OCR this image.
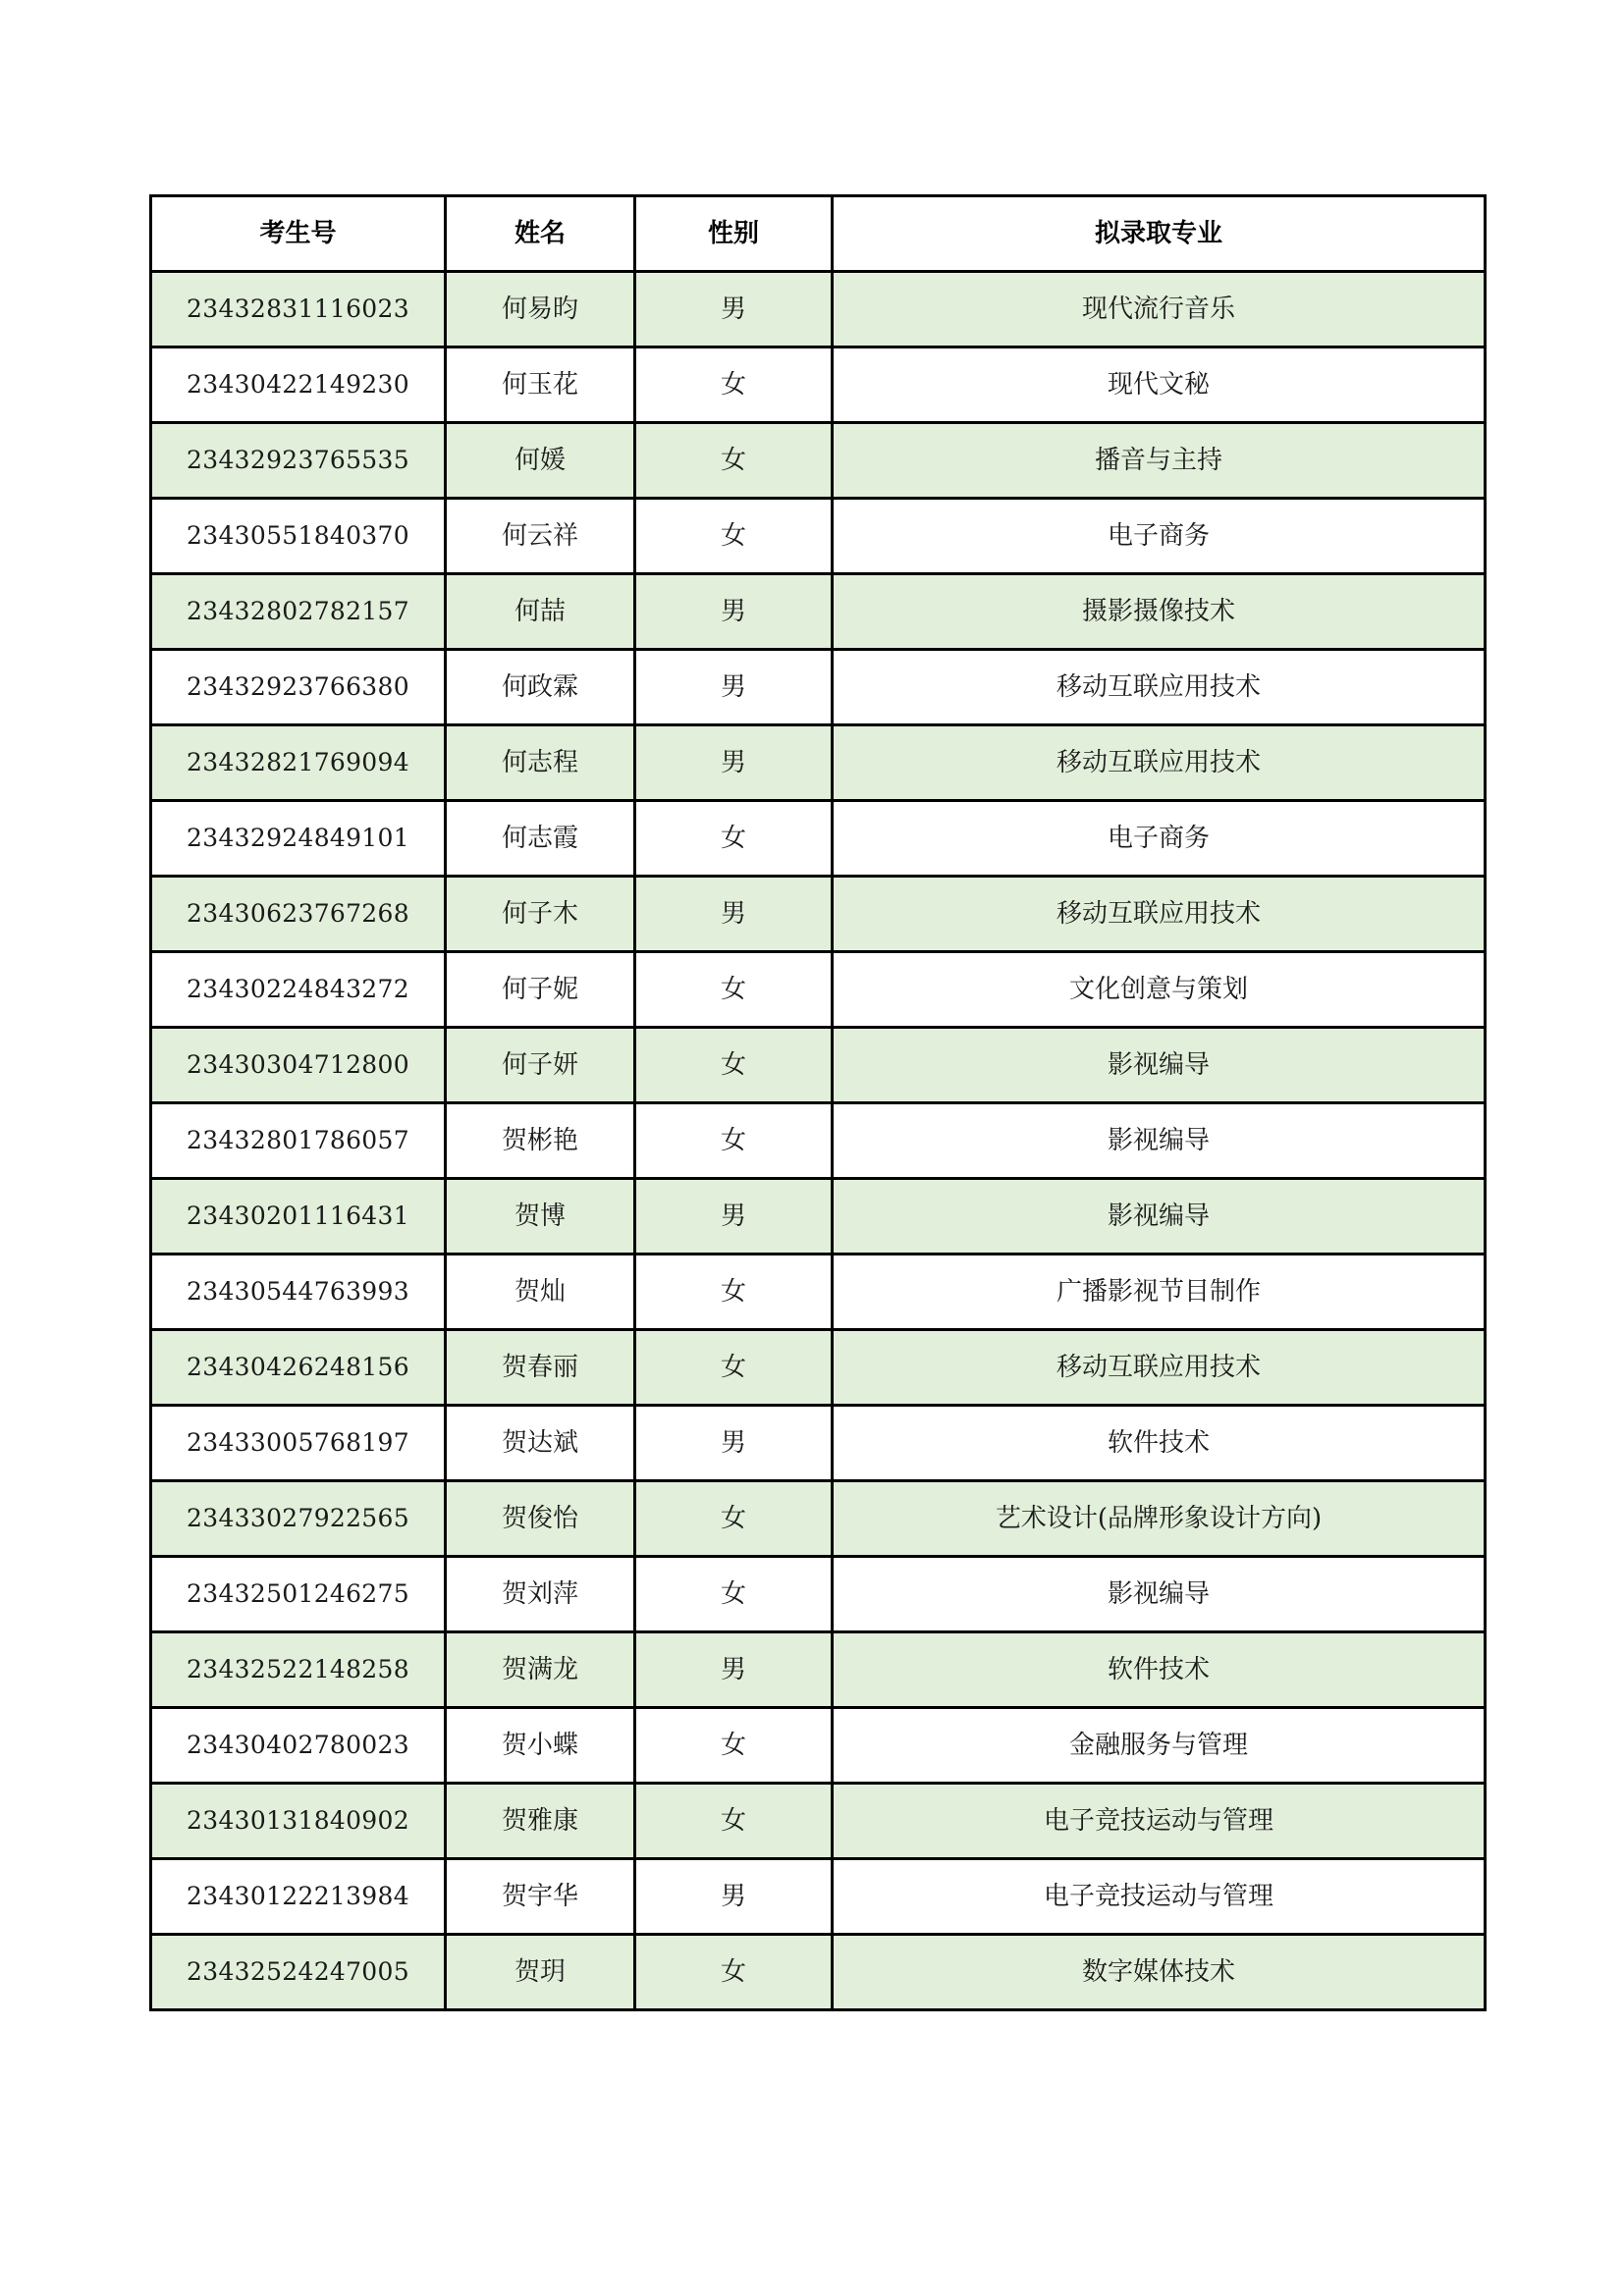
考生号	姓名	性别	拟录取专业
23432831116023	何易昀	男	现代流行音乐
23430422149230	何玉花	女	现代文秘
23432923765535	何媛	女	播音与主持
23430551840370	何云祥	女	电子商务
23432802782157	何喆	男	摄影摄像技术
23432923766380	何政霖	男	移动互联应用技术
23432821769094	何志程	男	移动互联应用技术
23432924849101	何志霞	女	电子商务
23430623767268	何子木	男	移动互联应用技术
23430224843272	何子妮	女	文化创意与策划
23430304712800	何子妍	女	影视编导
23432801786057	贺彬艳	女	影视编导
23430201116431	贺博	男	影视编导
23430544763993	贺灿	女	广播影视节目制作
23430426248156	贺春丽	女	移动互联应用技术
23433005768197	贺达斌	男	软件技术
23433027922565	贺俊怡	女	艺术设计(品牌形象设计方向)
23432501246275	贺刘萍	女	影视编导
23432522148258	贺满龙	男	软件技术
23430402780023	贺小蝶	女	金融服务与管理
23430131840902	贺雅康	女	电子竞技运动与管理
23430122213984	贺宇华	男	电子竞技运动与管理
23432524247005	贺玥	女	数字媒体技术
